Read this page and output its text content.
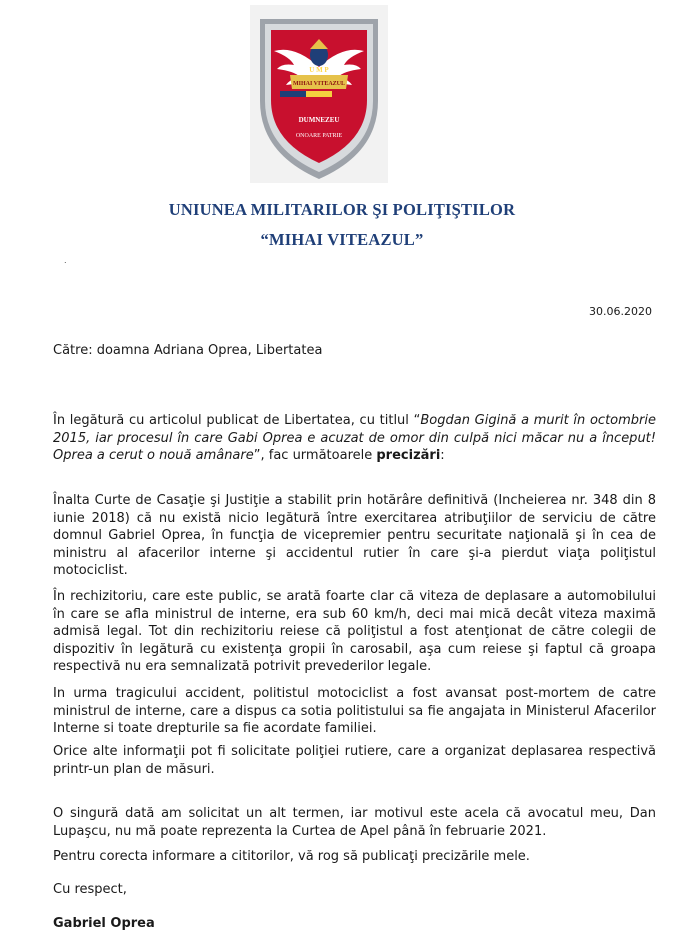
U M P
MIHAI VITEAZUL
DUMNEZEU
ONOARE PATRIE
UNIUNEA MILITARILOR ŞI POLIŢIŞTILOR
“MIHAI VITEAZUL”
.
30.06.2020
Către: doamna Adriana Oprea, Libertatea
În legătură cu articolul publicat de Libertatea, cu titlul “Bogdan Gigină a murit în octombrie 2015, iar procesul în care Gabi Oprea e acuzat de omor din culpă nici măcar nu a început! Oprea a cerut o nouă amânare”, fac următoarele precizări:
Înalta Curte de Casaţie şi Justiţie a stabilit prin hotărâre definitivă (Incheierea nr. 348 din 8 iunie 2018) că nu există nicio legătură între exercitarea atribuţiilor de serviciu de către domnul Gabriel Oprea, în funcţia de vicepremier pentru securitate naţională şi în cea de ministru al afacerilor interne şi accidentul rutier în care şi-a pierdut viaţa poliţistul motociclist.
În rechizitoriu, care este public, se arată foarte clar că viteza de deplasare a automobilului în care se afla ministrul de interne, era sub 60 km/h, deci mai mică decât viteza maximă admisă legal. Tot din rechizitoriu reiese că poliţistul a fost atenţionat de către colegii de dispozitiv în legătură cu existenţa gropii în carosabil, aşa cum reiese şi faptul că groapa respectivă nu era semnalizată potrivit prevederilor legale.
In urma tragicului accident, politistul motociclist a fost avansat post-mortem de catre ministrul de interne, care a dispus ca sotia politistului sa fie angajata in Ministerul Afacerilor Interne si toate drepturile sa fie acordate familiei.
Orice alte informaţii pot fi solicitate poliţiei rutiere, care a organizat deplasarea respectivă printr-un plan de măsuri.
O singură dată am solicitat un alt termen, iar motivul este acela că avocatul meu, Dan Lupaşcu, nu mă poate reprezenta la Curtea de Apel până în februarie 2021.
Pentru corecta informare a cititorilor, vă rog să publicaţi precizările mele.
Cu respect,
Gabriel Oprea
